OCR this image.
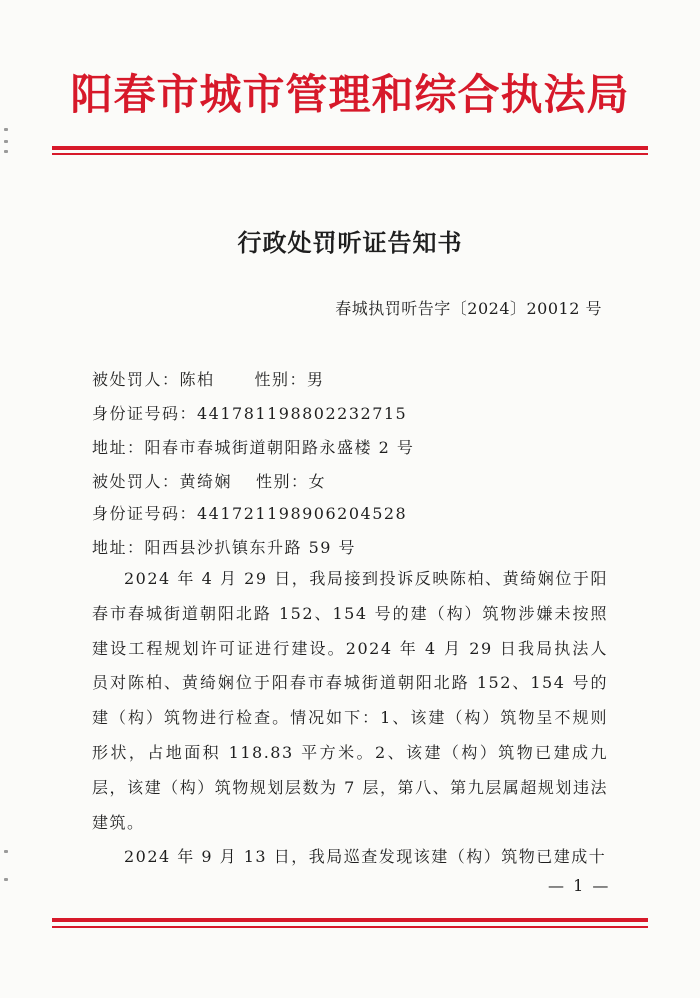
阳春市城市管理和综合执法局
行政处罚听证告知书
春城执罚听告字〔2024〕20012 号
被处罚人：陈柏	性别：男
身份证号码：441781198802232715
地址：阳春市春城街道朝阳路永盛楼 2 号
被处罚人：黄绮娴 性别：女
身份证号码：441721198906204528
地址：阳西县沙扒镇东升路 59 号

2024 年 4 月 29 日，我局接到投诉反映陈柏、黄绮娴位于阳春市春城街道朝阳北路 152、154 号的建（构）筑物涉嫌未按照建设工程规划许可证进行建设。2024 年 4 月 29 日我局执法人员对陈柏、黄绮娴位于阳春市春城街道朝阳北路 152、154 号的建（构）筑物进行检查。情况如下：1、该建（构）筑物呈不规则形状，占地面积 118.83 平方米。2、该建（构）筑物已建成九层，该建（构）筑物规划层数为 7 层，第八、第九层属超规划违法建筑。

2024 年 9 月 13 日，我局巡查发现该建（构）筑物已建成十

— 1 —
